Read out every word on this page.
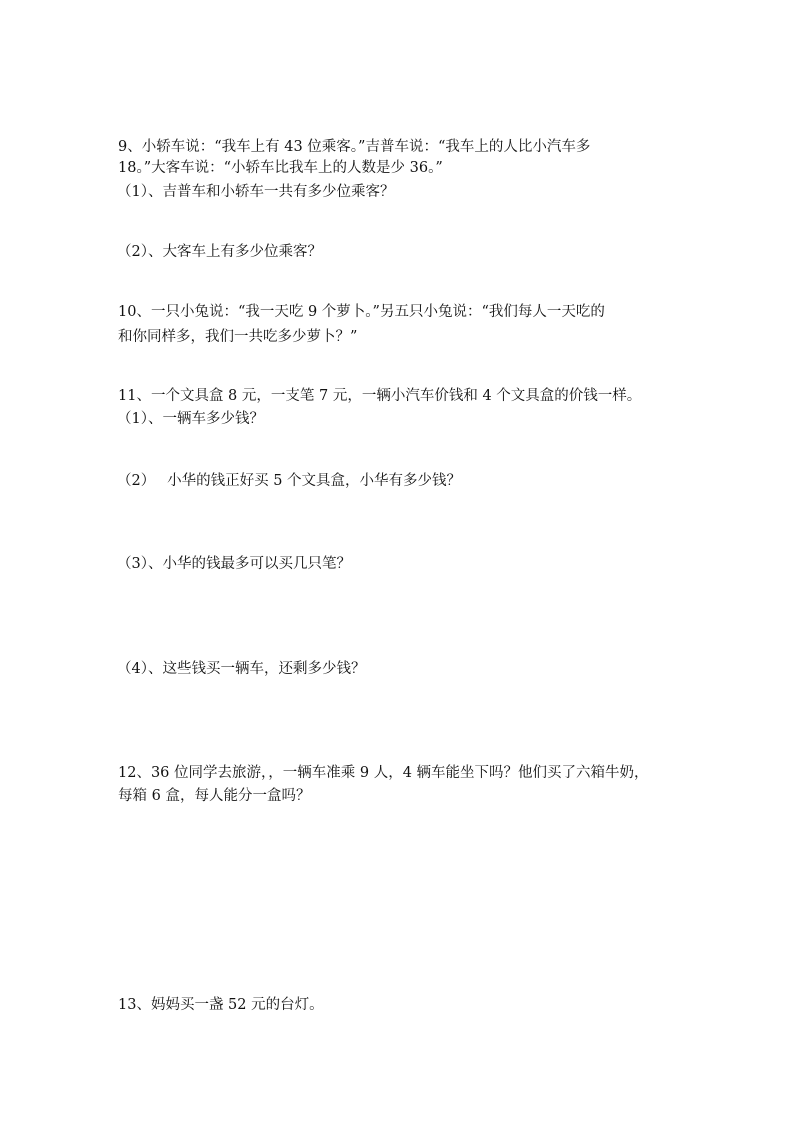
9、小轿车说：“我车上有 43 位乘客。”吉普车说：“我车上的人比小汽车多
18。”大客车说：“小轿车比我车上的人数是少 36。”
（1）、吉普车和小轿车一共有多少位乘客？
（2）、大客车上有多少位乘客？
10、一只小兔说：“我一天吃 9 个萝卜。”另五只小兔说：“我们每人一天吃的
和你同样多，我们一共吃多少萝卜？”
11、一个文具盒 8 元，一支笔 7 元，一辆小汽车价钱和 4 个文具盒的价钱一样。
（1）、一辆车多少钱？
（2）　 小华的钱正好买 5 个文具盒，小华有多少钱？
（3）、小华的钱最多可以买几只笔？
（4）、这些钱买一辆车，还剩多少钱？
12、36 位同学去旅游，，一辆车准乘 9 人，4 辆车能坐下吗？他们买了六箱牛奶，
每箱 6 盒，每人能分一盒吗？
13、妈妈买一盏 52 元的台灯。
